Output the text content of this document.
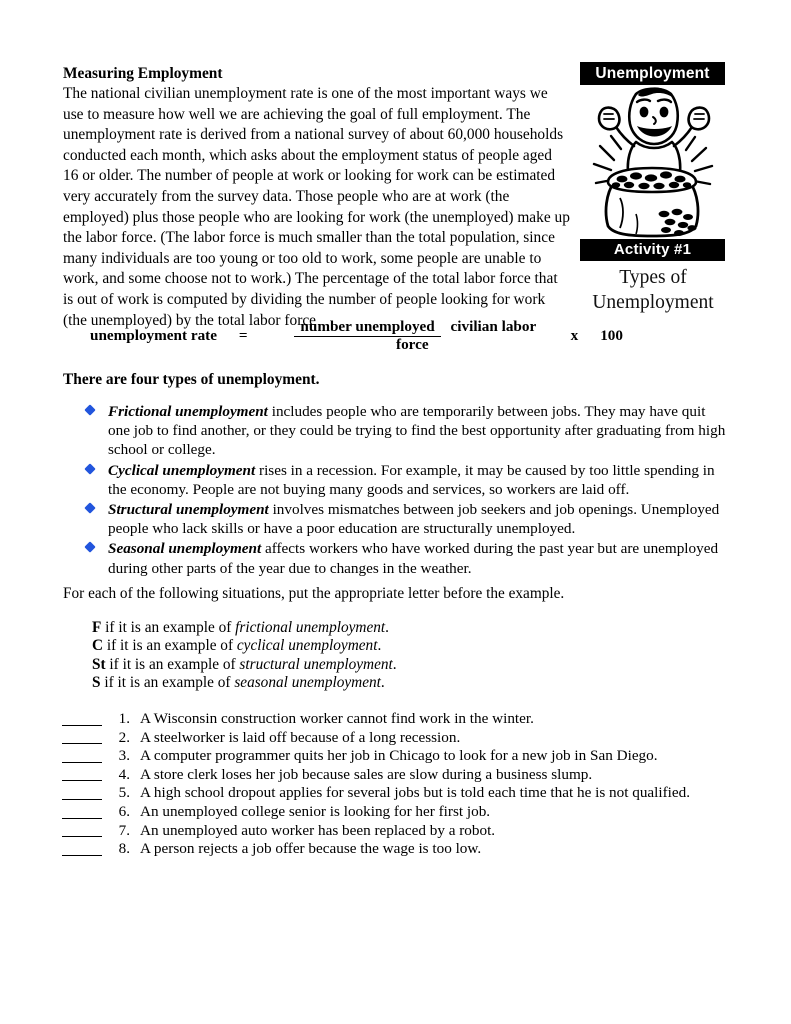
Measuring Employment
The national civilian unemployment rate is one of the most important ways we use to measure how well we are achieving the goal of full employment. The unemployment rate is derived from a national survey of about 60,000 households conducted each month, which asks about the employment status of people aged 16 or older. The number of people at work or looking for work can be estimated very accurately from the survey data. Those people who are at work (the employed) plus those people who are looking for work (the unemployed) make up the labor force. (The labor force is much smaller than the total population, since many individuals are too young or too old to work, some people are unable to work, and some choose not to work.) The percentage of the total labor force that is out of work is computed by dividing the number of people looking for work (the unemployed) by the total labor force
unemployment rate	=
number unemployed civilian labor force
x 100
There are four types of unemployment.
Frictional unemployment includes people who are temporarily between jobs. They may have quit one job to find another, or they could be trying to find the best opportunity after graduating from high school or college.
Cyclical unemployment rises in a recession. For example, it may be caused by too little spending in the economy. People are not buying many goods and services, so workers are laid off.
Structural unemployment involves mismatches between job seekers and job openings. Unemployed people who lack skills or have a poor education are structurally unemployed.
Seasonal unemployment affects workers who have worked during the past year but are unemployed during other parts of the year due to changes in the weather.
For each of the following situations, put the appropriate letter before the example.
F if it is an example of frictional unemployment.
C if it is an example of cyclical unemployment.
St if it is an example of structural unemployment.
S if it is an example of seasonal unemployment.
1. A Wisconsin construction worker cannot find work in the winter.
2. A steelworker is laid off because of a long recession.
3. A computer programmer quits her job in Chicago to look for a new job in San Diego.
4. A store clerk loses her job because sales are slow during a business slump.
5. A high school dropout applies for several jobs but is told each time that he is not qualified.
6. An unemployed college senior is looking for her first job.
7. An unemployed auto worker has been replaced by a robot.
8. A person rejects a job offer because the wage is too low.
Unemployment
Activity #1
Types of
Unemployment
